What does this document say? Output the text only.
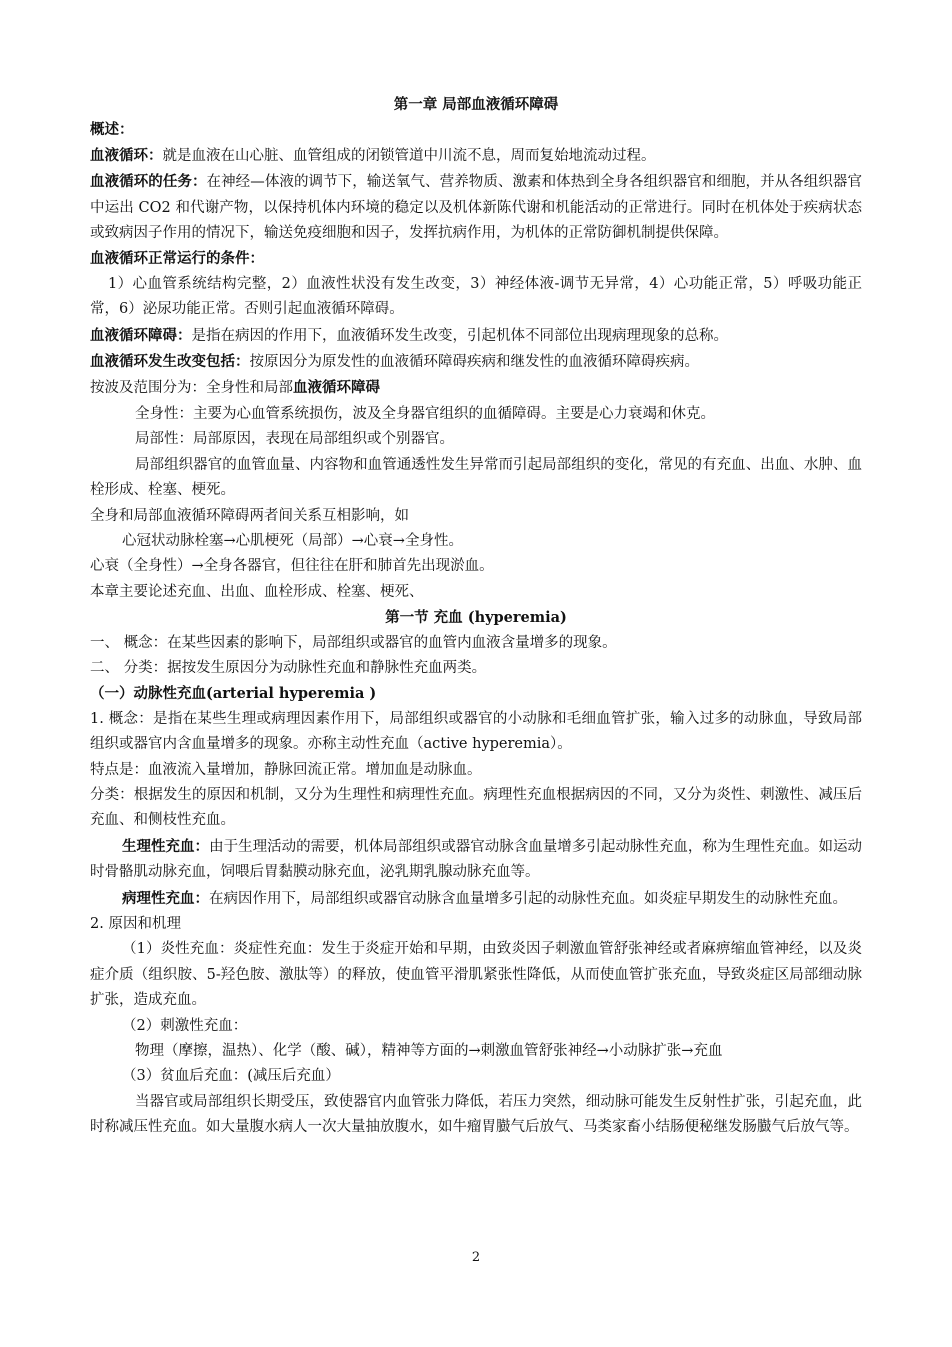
第一章 局部血液循环障碍

概述：

血液循环：就是血液在山心脏、血管组成的闭锁管道中川流不息，周而复始地流动过程。

血液循环的任务：在神经—体液的调节下，输送氧气、营养物质、激素和体热到全身各组织器官和细胞，并从各组织器官中运出 CO2 和代谢产物，以保持机体内环境的稳定以及机体新陈代谢和机能活动的正常进行。同时在机体处于疾病状态或致病因子作用的情况下，输送免疫细胞和因子，发挥抗病作用，为机体的正常防御机制提供保障。

血液循环正常运行的条件：

1）心血管系统结构完整，2）血液性状没有发生改变，3）神经体液-调节无异常，4）心功能正常，5）呼吸功能正常，6）泌尿功能正常。否则引起血液循环障碍。

血液循环障碍：是指在病因的作用下，血液循环发生改变，引起机体不同部位出现病理现象的总称。

血液循环发生改变包括：按原因分为原发性的血液循环障碍疾病和继发性的血液循环障碍疾病。

按波及范围分为：全身性和局部血液循环障碍

全身性：主要为心血管系统损伤，波及全身器官组织的血循障碍。主要是心力衰竭和休克。

局部性：局部原因，表现在局部组织或个别器官。

局部组织器官的血管血量、内容物和血管通透性发生异常而引起局部组织的变化，常见的有充血、出血、水肿、血栓形成、栓塞、梗死。

全身和局部血液循环障碍两者间关系互相影响，如

心冠状动脉栓塞→心肌梗死（局部）→心衰→全身性。

心衰（全身性）→全身各器官，但往往在肝和肺首先出现淤血。

本章主要论述充血、出血、血栓形成、栓塞、梗死、

第一节 充血 (hyperemia)

一、 概念：在某些因素的影响下，局部组织或器官的血管内血液含量增多的现象。

二、 分类：据按发生原因分为动脉性充血和静脉性充血两类。

（一）动脉性充血(arterial hyperemia )

1. 概念：是指在某些生理或病理因素作用下，局部组织或器官的小动脉和毛细血管扩张，输入过多的动脉血，导致局部组织或器官内含血量增多的现象。亦称主动性充血（active hyperemia）。

特点是：血液流入量增加，静脉回流正常。增加血是动脉血。

分类：根据发生的原因和机制，又分为生理性和病理性充血。病理性充血根据病因的不同，又分为炎性、刺激性、减压后充血、和侧枝性充血。

生理性充血：由于生理活动的需要，机体局部组织或器官动脉含血量增多引起动脉性充血，称为生理性充血。如运动时骨骼肌动脉充血，饲喂后胃黏膜动脉充血，泌乳期乳腺动脉充血等。

病理性充血：在病因作用下，局部组织或器官动脉含血量增多引起的动脉性充血。如炎症早期发生的动脉性充血。

2. 原因和机理

（1）炎性充血：炎症性充血：发生于炎症开始和早期，由致炎因子刺激血管舒张神经或者麻痹缩血管神经，以及炎症介质（组织胺、5-羟色胺、激肽等）的释放，使血管平滑肌紧张性降低，从而使血管扩张充血，导致炎症区局部细动脉扩张，造成充血。

（2）刺激性充血：

物理（摩擦，温热）、化学（酸、碱），精神等方面的→刺激血管舒张神经→小动脉扩张→充血

（3）贫血后充血：(减压后充血）

当器官或局部组织长期受压，致使器官内血管张力降低，若压力突然，细动脉可能发生反射性扩张，引起充血，此时称减压性充血。如大量腹水病人一次大量抽放腹水，如牛瘤胃臌气后放气、马类家畜小结肠便秘继发肠臌气后放气等。

2
